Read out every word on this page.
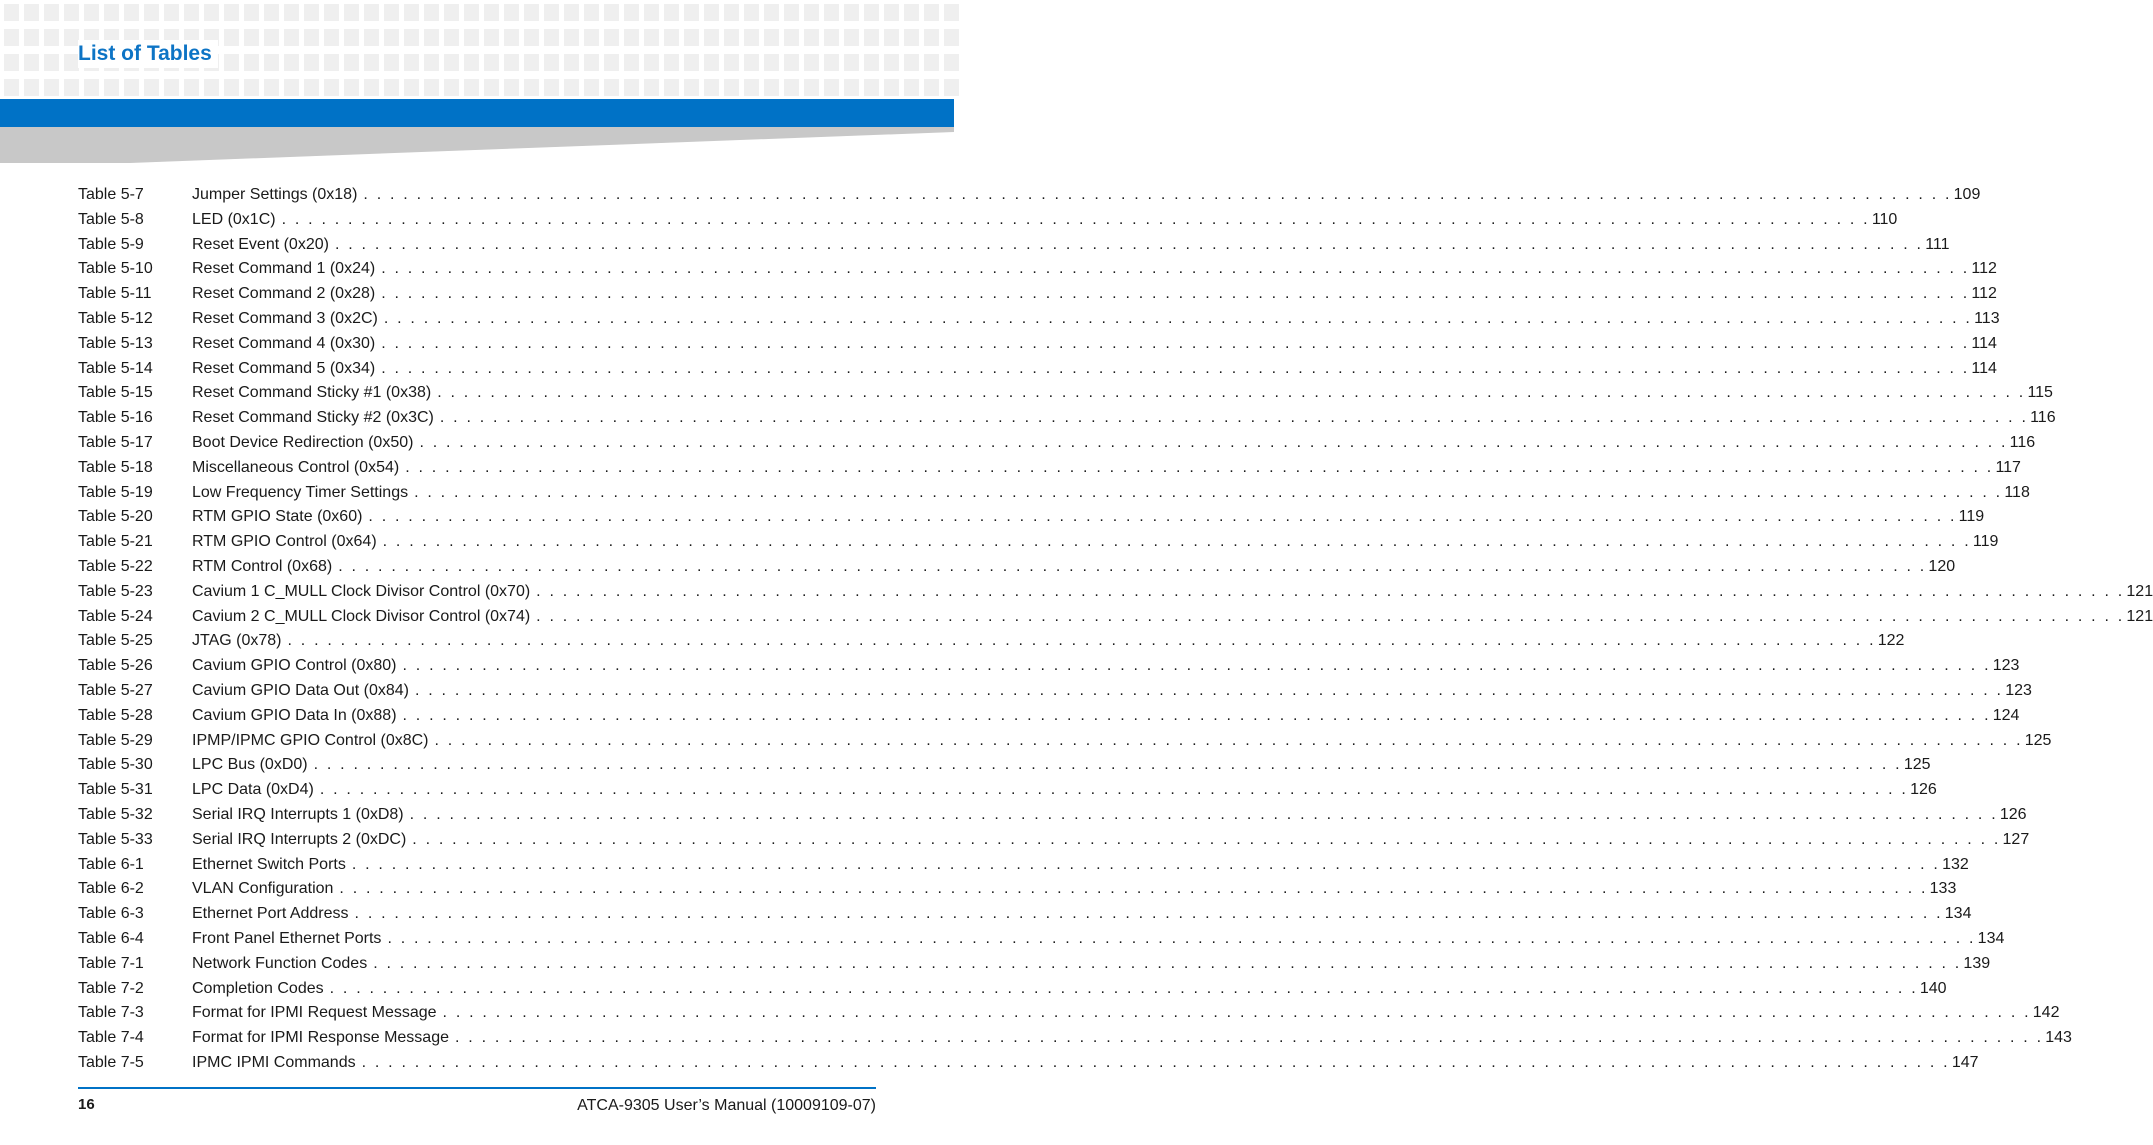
List of Tables
Table 5-7	Jumper Settings (0x18) . . . . . . . . . . . . . . . . . . . . . . . . . . . . . . . . . . . . . . . . . . . . . . . . . . . . . . . . . . . . . . . . . . . . . . . . . . . . . . . . . . . . . . . . . . . . . . . . . . . . . . . . . . . . . . . . . . . . . . . . 109
Table 5-8	LED (0x1C) . . . . . . . . . . . . . . . . . . . . . . . . . . . . . . . . . . . . . . . . . . . . . . . . . . . . . . . . . . . . . . . . . . . . . . . . . . . . . . . . . . . . . . . . . . . . . . . . . . . . . . . . . . . . . . . . . . . . . . . . 110
Table 5-9	Reset Event (0x20) . . . . . . . . . . . . . . . . . . . . . . . . . . . . . . . . . . . . . . . . . . . . . . . . . . . . . . . . . . . . . . . . . . . . . . . . . . . . . . . . . . . . . . . . . . . . . . . . . . . . . . . . . . . . . . . . . . . . . . . . 111
Table 5-10	Reset Command 1 (0x24) . . . . . . . . . . . . . . . . . . . . . . . . . . . . . . . . . . . . . . . . . . . . . . . . . . . . . . . . . . . . . . . . . . . . . . . . . . . . . . . . . . . . . . . . . . . . . . . . . . . . . . . . . . . . . . . . . . . . . . . . 112
Table 5-11	Reset Command 2 (0x28) . . . . . . . . . . . . . . . . . . . . . . . . . . . . . . . . . . . . . . . . . . . . . . . . . . . . . . . . . . . . . . . . . . . . . . . . . . . . . . . . . . . . . . . . . . . . . . . . . . . . . . . . . . . . . . . . . . . . . . . . 112
Table 5-12	Reset Command 3 (0x2C) . . . . . . . . . . . . . . . . . . . . . . . . . . . . . . . . . . . . . . . . . . . . . . . . . . . . . . . . . . . . . . . . . . . . . . . . . . . . . . . . . . . . . . . . . . . . . . . . . . . . . . . . . . . . . . . . . . . . . . . . 113
Table 5-13	Reset Command 4 (0x30) . . . . . . . . . . . . . . . . . . . . . . . . . . . . . . . . . . . . . . . . . . . . . . . . . . . . . . . . . . . . . . . . . . . . . . . . . . . . . . . . . . . . . . . . . . . . . . . . . . . . . . . . . . . . . . . . . . . . . . . . 114
Table 5-14	Reset Command 5 (0x34) . . . . . . . . . . . . . . . . . . . . . . . . . . . . . . . . . . . . . . . . . . . . . . . . . . . . . . . . . . . . . . . . . . . . . . . . . . . . . . . . . . . . . . . . . . . . . . . . . . . . . . . . . . . . . . . . . . . . . . . . 114
Table 5-15	Reset Command Sticky #1 (0x38) . . . . . . . . . . . . . . . . . . . . . . . . . . . . . . . . . . . . . . . . . . . . . . . . . . . . . . . . . . . . . . . . . . . . . . . . . . . . . . . . . . . . . . . . . . . . . . . . . . . . . . . . . . . . . . . . . . . . . . . . 115
Table 5-16	Reset Command Sticky #2 (0x3C) . . . . . . . . . . . . . . . . . . . . . . . . . . . . . . . . . . . . . . . . . . . . . . . . . . . . . . . . . . . . . . . . . . . . . . . . . . . . . . . . . . . . . . . . . . . . . . . . . . . . . . . . . . . . . . . . . . . . . . . . 116
Table 5-17	Boot Device Redirection (0x50) . . . . . . . . . . . . . . . . . . . . . . . . . . . . . . . . . . . . . . . . . . . . . . . . . . . . . . . . . . . . . . . . . . . . . . . . . . . . . . . . . . . . . . . . . . . . . . . . . . . . . . . . . . . . . . . . . . . . . . . . 116
Table 5-18	Miscellaneous Control (0x54) . . . . . . . . . . . . . . . . . . . . . . . . . . . . . . . . . . . . . . . . . . . . . . . . . . . . . . . . . . . . . . . . . . . . . . . . . . . . . . . . . . . . . . . . . . . . . . . . . . . . . . . . . . . . . . . . . . . . . . . . 117
Table 5-19	Low Frequency Timer Settings . . . . . . . . . . . . . . . . . . . . . . . . . . . . . . . . . . . . . . . . . . . . . . . . . . . . . . . . . . . . . . . . . . . . . . . . . . . . . . . . . . . . . . . . . . . . . . . . . . . . . . . . . . . . . . . . . . . . . . . . 118
Table 5-20	RTM GPIO State (0x60) . . . . . . . . . . . . . . . . . . . . . . . . . . . . . . . . . . . . . . . . . . . . . . . . . . . . . . . . . . . . . . . . . . . . . . . . . . . . . . . . . . . . . . . . . . . . . . . . . . . . . . . . . . . . . . . . . . . . . . . . 119
Table 5-21	RTM GPIO Control (0x64) . . . . . . . . . . . . . . . . . . . . . . . . . . . . . . . . . . . . . . . . . . . . . . . . . . . . . . . . . . . . . . . . . . . . . . . . . . . . . . . . . . . . . . . . . . . . . . . . . . . . . . . . . . . . . . . . . . . . . . . . 119
Table 5-22	RTM Control (0x68) . . . . . . . . . . . . . . . . . . . . . . . . . . . . . . . . . . . . . . . . . . . . . . . . . . . . . . . . . . . . . . . . . . . . . . . . . . . . . . . . . . . . . . . . . . . . . . . . . . . . . . . . . . . . . . . . . . . . . . . . 120
Table 5-23	Cavium 1 C_MULL Clock Divisor Control (0x70) . . . . . . . . . . . . . . . . . . . . . . . . . . . . . . . . . . . . . . . . . . . . . . . . . . . . . . . . . . . . . . . . . . . . . . . . . . . . . . . . . . . . . . . . . . . . . . . . . . . . . . . . . . . . . . . . . . . . . . . . 121
Table 5-24	Cavium 2 C_MULL Clock Divisor Control (0x74) . . . . . . . . . . . . . . . . . . . . . . . . . . . . . . . . . . . . . . . . . . . . . . . . . . . . . . . . . . . . . . . . . . . . . . . . . . . . . . . . . . . . . . . . . . . . . . . . . . . . . . . . . . . . . . . . . . . . . . . . 121
Table 5-25	JTAG (0x78) . . . . . . . . . . . . . . . . . . . . . . . . . . . . . . . . . . . . . . . . . . . . . . . . . . . . . . . . . . . . . . . . . . . . . . . . . . . . . . . . . . . . . . . . . . . . . . . . . . . . . . . . . . . . . . . . . . . . . . . . 122
Table 5-26	Cavium GPIO Control (0x80) . . . . . . . . . . . . . . . . . . . . . . . . . . . . . . . . . . . . . . . . . . . . . . . . . . . . . . . . . . . . . . . . . . . . . . . . . . . . . . . . . . . . . . . . . . . . . . . . . . . . . . . . . . . . . . . . . . . . . . . . 123
Table 5-27	Cavium GPIO Data Out (0x84) . . . . . . . . . . . . . . . . . . . . . . . . . . . . . . . . . . . . . . . . . . . . . . . . . . . . . . . . . . . . . . . . . . . . . . . . . . . . . . . . . . . . . . . . . . . . . . . . . . . . . . . . . . . . . . . . . . . . . . . . 123
Table 5-28	Cavium GPIO Data In (0x88) . . . . . . . . . . . . . . . . . . . . . . . . . . . . . . . . . . . . . . . . . . . . . . . . . . . . . . . . . . . . . . . . . . . . . . . . . . . . . . . . . . . . . . . . . . . . . . . . . . . . . . . . . . . . . . . . . . . . . . . . 124
Table 5-29	IPMP/IPMC GPIO Control (0x8C) . . . . . . . . . . . . . . . . . . . . . . . . . . . . . . . . . . . . . . . . . . . . . . . . . . . . . . . . . . . . . . . . . . . . . . . . . . . . . . . . . . . . . . . . . . . . . . . . . . . . . . . . . . . . . . . . . . . . . . . . 125
Table 5-30	LPC Bus (0xD0) . . . . . . . . . . . . . . . . . . . . . . . . . . . . . . . . . . . . . . . . . . . . . . . . . . . . . . . . . . . . . . . . . . . . . . . . . . . . . . . . . . . . . . . . . . . . . . . . . . . . . . . . . . . . . . . . . . . . . . . . 125
Table 5-31	LPC Data (0xD4) . . . . . . . . . . . . . . . . . . . . . . . . . . . . . . . . . . . . . . . . . . . . . . . . . . . . . . . . . . . . . . . . . . . . . . . . . . . . . . . . . . . . . . . . . . . . . . . . . . . . . . . . . . . . . . . . . . . . . . . . 126
Table 5-32	Serial IRQ Interrupts 1 (0xD8) . . . . . . . . . . . . . . . . . . . . . . . . . . . . . . . . . . . . . . . . . . . . . . . . . . . . . . . . . . . . . . . . . . . . . . . . . . . . . . . . . . . . . . . . . . . . . . . . . . . . . . . . . . . . . . . . . . . . . . . . 126
Table 5-33	Serial IRQ Interrupts 2 (0xDC) . . . . . . . . . . . . . . . . . . . . . . . . . . . . . . . . . . . . . . . . . . . . . . . . . . . . . . . . . . . . . . . . . . . . . . . . . . . . . . . . . . . . . . . . . . . . . . . . . . . . . . . . . . . . . . . . . . . . . . . . 127
Table 6-1	Ethernet Switch Ports . . . . . . . . . . . . . . . . . . . . . . . . . . . . . . . . . . . . . . . . . . . . . . . . . . . . . . . . . . . . . . . . . . . . . . . . . . . . . . . . . . . . . . . . . . . . . . . . . . . . . . . . . . . . . . . . . . . . . . . . 132
Table 6-2	VLAN Configuration . . . . . . . . . . . . . . . . . . . . . . . . . . . . . . . . . . . . . . . . . . . . . . . . . . . . . . . . . . . . . . . . . . . . . . . . . . . . . . . . . . . . . . . . . . . . . . . . . . . . . . . . . . . . . . . . . . . . . . . . 133
Table 6-3	Ethernet Port Address . . . . . . . . . . . . . . . . . . . . . . . . . . . . . . . . . . . . . . . . . . . . . . . . . . . . . . . . . . . . . . . . . . . . . . . . . . . . . . . . . . . . . . . . . . . . . . . . . . . . . . . . . . . . . . . . . . . . . . . . 134
Table 6-4	Front Panel Ethernet Ports . . . . . . . . . . . . . . . . . . . . . . . . . . . . . . . . . . . . . . . . . . . . . . . . . . . . . . . . . . . . . . . . . . . . . . . . . . . . . . . . . . . . . . . . . . . . . . . . . . . . . . . . . . . . . . . . . . . . . . . . 134
Table 7-1	Network Function Codes . . . . . . . . . . . . . . . . . . . . . . . . . . . . . . . . . . . . . . . . . . . . . . . . . . . . . . . . . . . . . . . . . . . . . . . . . . . . . . . . . . . . . . . . . . . . . . . . . . . . . . . . . . . . . . . . . . . . . . . . 139
Table 7-2	Completion Codes . . . . . . . . . . . . . . . . . . . . . . . . . . . . . . . . . . . . . . . . . . . . . . . . . . . . . . . . . . . . . . . . . . . . . . . . . . . . . . . . . . . . . . . . . . . . . . . . . . . . . . . . . . . . . . . . . . . . . . . . 140
Table 7-3	Format for IPMI Request Message . . . . . . . . . . . . . . . . . . . . . . . . . . . . . . . . . . . . . . . . . . . . . . . . . . . . . . . . . . . . . . . . . . . . . . . . . . . . . . . . . . . . . . . . . . . . . . . . . . . . . . . . . . . . . . . . . . . . . . . . 142
Table 7-4	Format for IPMI Response Message . . . . . . . . . . . . . . . . . . . . . . . . . . . . . . . . . . . . . . . . . . . . . . . . . . . . . . . . . . . . . . . . . . . . . . . . . . . . . . . . . . . . . . . . . . . . . . . . . . . . . . . . . . . . . . . . . . . . . . . . 143
Table 7-5	IPMC IPMI Commands . . . . . . . . . . . . . . . . . . . . . . . . . . . . . . . . . . . . . . . . . . . . . . . . . . . . . . . . . . . . . . . . . . . . . . . . . . . . . . . . . . . . . . . . . . . . . . . . . . . . . . . . . . . . . . . . . . . . . . . . 147
16	ATCA-9305 User’s Manual (10009109-07)
